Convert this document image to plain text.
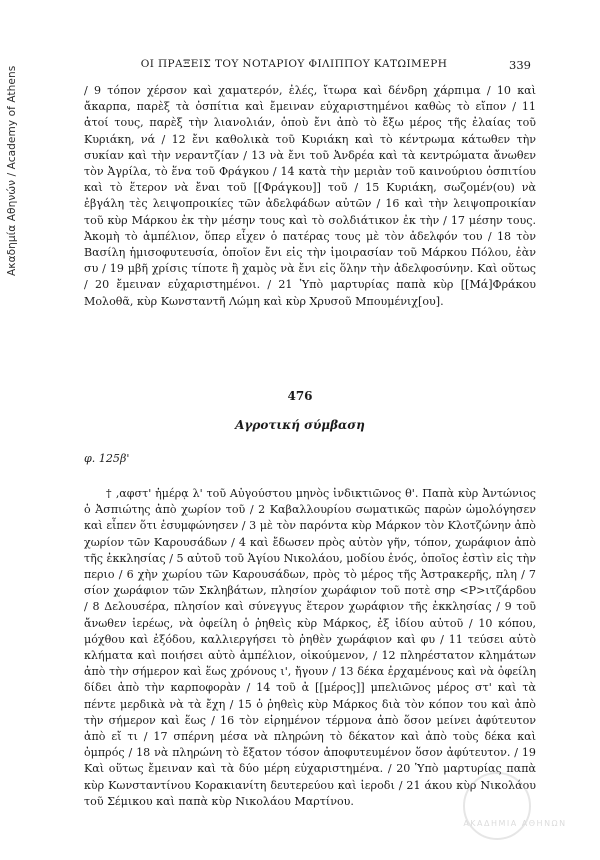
Ακαδημία Αθηνών / Academy of Athens
ΟΙ ΠΡΑΞΕΙΣ ΤΟΥ ΝΟΤΑΡΙΟΥ ΦΙΛΙΠΠΟΥ ΚΑΤΩΙΜΕΡΗ	339

/ 9 τόπον χέρσον καὶ χαματερόν, ἐλές, ἴτωρα καὶ δένδρη χάρπιμα / 10 καὶ ἄκαρπα, παρὲξ τὰ ὀσπίτια καὶ ἔμειναν εὐχαριστημένοι καθὼς τὸ εἴπον / 11 ἀτοί τους, παρὲξ τὴν λιανολιάν, ὁποὺ ἔνι ἀπὸ τὸ ἔξω μέρος τῆς ἐλαίας τοῦ Κυριάκη, νά / 12 ἔνι καθολικὰ τοῦ Κυριάκη καὶ τὸ κέντρωμα κάτωθεν τὴν συκίαν καὶ τὴν νεραντζίαν / 13 νὰ ἔνι τοῦ Ἀνδρέα καὶ τὰ κεντρώματα ἄνωθεν τὸν Ἀγρίλα, τὸ ἕνα τοῦ Φράγκου / 14 κατὰ τὴν μεριὰν τοῦ καινούριου ὀσπιτίου καὶ τὸ ἕτερον νὰ ἔναι τοῦ [[Φράγκου]] τοῦ / 15 Κυριάκη, σωζομέν(ου) νὰ ἐβγάλη τὲς λειψοπροικίες τῶν ἀδελφάδων αὐτῶν / 16 καὶ τὴν λειψοπροικίαν τοῦ κὺρ Μάρκου ἐκ τὴν μέσην τους καὶ τὸ σολδιάτικον ἐκ τὴν / 17 μέσην τους. Ἀκομὴ τὸ ἀμπέλιον, ὅπερ εἶχεν ὁ πατέρας τους μὲ τὸν ἀδελφόν του / 18 τὸν Βασίλη ἡμισοφυτευσία, ὁποῖον ἔνι εἰς τὴν ἱμοιρασίαν τοῦ Μάρκου Πόλου, ἐὰν συ / 19 μβῆ χρίσις τίποτε ἢ χαμὸς νὰ ἔνι εἰς ὅλην τὴν ἀδελφοσύνην. Καὶ οὕτως / 20 ἔμειναν εὐχαριστημένοι. / 21 Ὑπὸ μαρτυρίας παπὰ κὺρ [[Μά]Φράκου Μολοθᾶ, κὺρ Κωνσταντῆ Λώμη καὶ κὺρ Χρυσοῦ Μπουμένιχ[ου].

476
Αγροτική σύμβαση
φ. 125β'

† ‚αφστ' ἡμέρᾳ λ' τοῦ Αὐγούστου μηνὸς ἰνδικτιῶνος θ'. Παπὰ κὺρ Ἀντώνιος ὁ Ἀσπιώτης ἀπὸ χωρίον τοῦ / 2 Καβαλλουρίου σωματικῶς παρὼν ὡμολόγησεν καὶ εἶπεν ὅτι ἐσυμφώνησεν / 3 μὲ τὸν παρόντα κὺρ Μάρκον τὸν Κλοτζώνην ἀπὸ χωρίον τῶν Καρουσάδων / 4 καὶ ἔδωσεν πρὸς αὐτὸν γῆν, τόπον, χωράφιον ἀπὸ τῆς ἐκκλησίας / 5 αὐτοῦ τοῦ Ἁγίου Νικολάου, μοδίου ἑνός, ὁποῖος ἐστὶν εἰς τὴν περιο / 6 χὴν χωρίου τῶν Καρουσάδων, πρὸς τὸ μέρος τῆς Ἀστρακερῆς, πλη / 7 σίον χωράφιον τῶν Σκληβάτων, πλησίον χωράφιον τοῦ ποτὲ σηρ <Ρ>ιτζάρδου / 8 Δελουσέρα, πλησίον καὶ σύνεγγυς ἕτερον χωράφιον τῆς ἐκκλησίας / 9 τοῦ ἄνωθεν ἱερέως, νὰ ὀφείλη ὁ ῥηθεὶς κὺρ Μάρκος, ἐξ ἰδίου αὐτοῦ / 10 κόπου, μόχθου καὶ ἐξόδου, καλλιεργήσει τὸ ῥηθὲν χωράφιον καὶ φυ / 11 τεύσει αὐτὸ κλήματα καὶ ποιήσει αὐτὸ ἀμπέλιον, οἰκούμενον, / 12 πληρέστατον κλημάτων ἀπὸ τὴν σήμερον καὶ ἕως χρόνους ι', ἤγουν / 13 δέκα ἐρχαμένους καὶ νὰ ὀφείλη δίδει ἀπὸ τὴν καρποφορὰν / 14 τοῦ ἀ [[μέρος]] μπελιῶνος μέρος στ' καὶ τὰ πέντε μερδικὰ νὰ τὰ ἔχη / 15 ὁ ῥηθεὶς κὺρ Μάρκος διὰ τὸν κόπον του καὶ ἀπὸ τὴν σήμερον καὶ ἕως / 16 τὸν εἰρημένον τέρμονα ἀπὸ ὅσον μείνει ἀφύτευτον ἀπὸ εἴ τι / 17 σπέρνη μέσα νὰ πληρώνη τὸ δέκατον καὶ ἀπὸ τοὺς δέκα καὶ ὀμπρός / 18 νὰ πληρώνη τὸ ἔξατον τόσον ἀποφυτευμένον ὅσον ἀφύτευτον. / 19 Καὶ οὕτως ἔμειναν καὶ τὰ δύο μέρη εὐχαριστημένα. / 20 Ὑπὸ μαρτυρίας παπὰ κὺρ Κωνσταντίνου Κορακιανίτη δευτερεύου καὶ ἱεροδι / 21 άκου κὺρ Νικολάου τοῦ Σέμικου καὶ παπὰ κὺρ Νικολάου Μαρτίνου.

ΑΚΑΔΗΜΙΑ ΑΘΗΝΩΝ
